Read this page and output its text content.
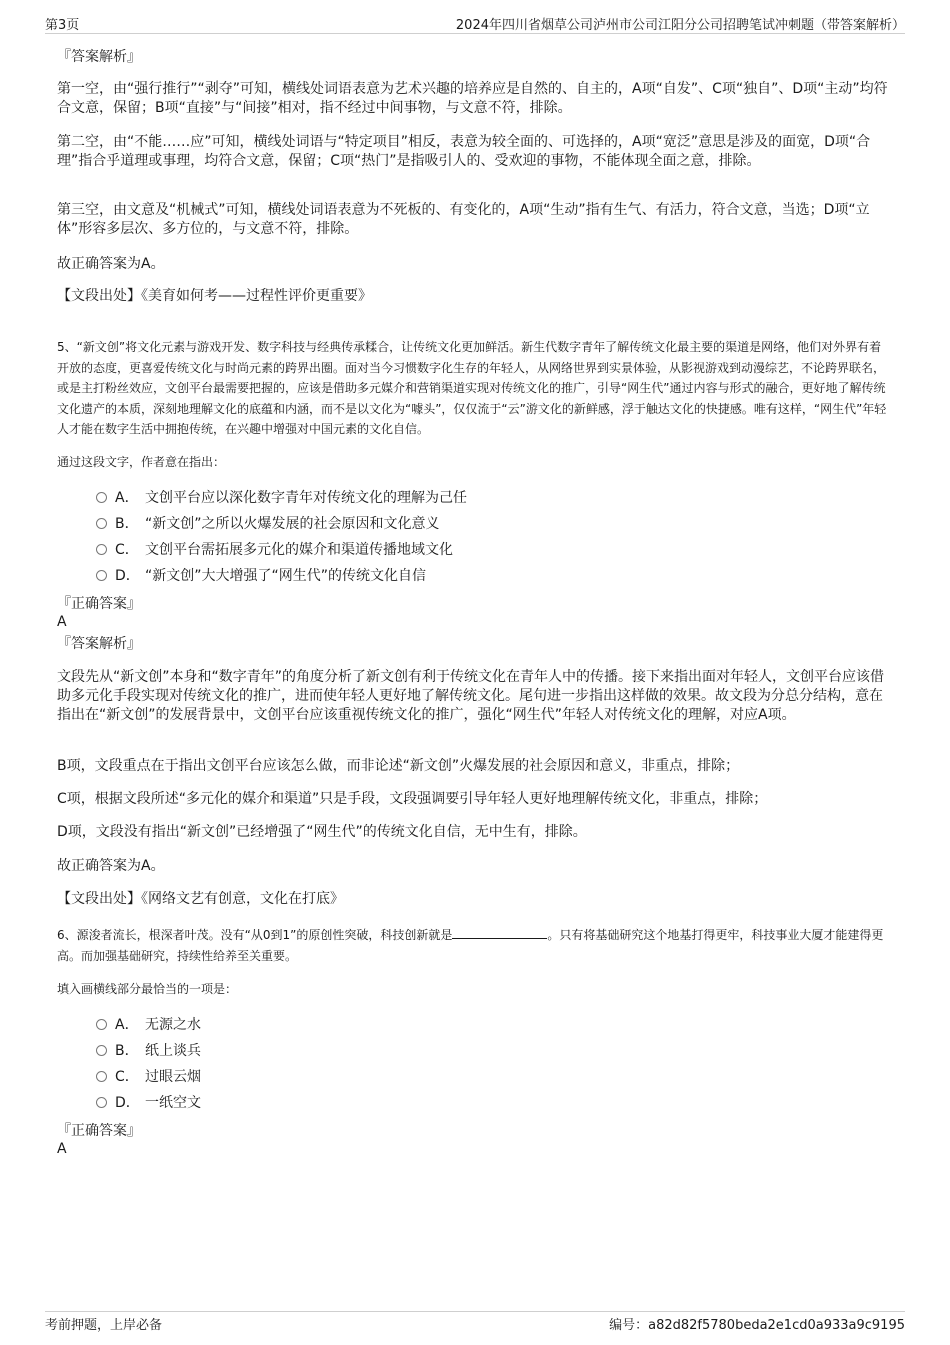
第3页	2024年四川省烟草公司泸州市公司江阳分公司招聘笔试冲刺题（带答案解析）
『答案解析』

第一空，由“强行推行”“剥夺”可知，横线处词语表意为艺术兴趣的培养应是自然的、自主的，A项“自发”、C项“独自”、D项“主动”均符合文意，保留；B项“直接”与“间接”相对，指不经过中间事物，与文意不符，排除。

第二空，由“不能……应”可知，横线处词语与“特定项目”相反，表意为较全面的、可选择的，A项“宽泛”意思是涉及的面宽，D项“合理”指合乎道理或事理，均符合文意，保留；C项“热门”是指吸引人的、受欢迎的事物，不能体现全面之意，排除。

第三空，由文意及“机械式”可知，横线处词语表意为不死板的、有变化的，A项“生动”指有生气、有活力，符合文意，当选；D项“立体”形容多层次、多方位的，与文意不符，排除。

故正确答案为A。

【文段出处】《美育如何考——过程性评价更重要》

5、“新文创”将文化元素与游戏开发、数字科技与经典传承糅合，让传统文化更加鲜活。新生代数字青年了解传统文化最主要的渠道是网络，他们对外界有着开放的态度，更喜爱传统文化与时尚元素的跨界出圈。面对当今习惯数字化生存的年轻人，从网络世界到实景体验，从影视游戏到动漫综艺，不论跨界联名，或是主打粉丝效应，文创平台最需要把握的，应该是借助多元媒介和营销渠道实现对传统文化的推广，引导“网生代”通过内容与形式的融合，更好地了解传统文化遗产的本质，深刻地理解文化的底蕴和内涵，而不是以文化为“噱头”，仅仅流于“云”游文化的新鲜感，浮于触达文化的快捷感。唯有这样，“网生代”年轻人才能在数字生活中拥抱传统，在兴趣中增强对中国元素的文化自信。

通过这段文字，作者意在指出：

A． 文创平台应以深化数字青年对传统文化的理解为己任
B． “新文创”之所以火爆发展的社会原因和文化意义
C． 文创平台需拓展多元化的媒介和渠道传播地域文化
D． “新文创”大大增强了“网生代”的传统文化自信
『正确答案』
A
『答案解析』

文段先从“新文创”本身和“数字青年”的角度分析了新文创有利于传统文化在青年人中的传播。接下来指出面对年轻人，文创平台应该借助多元化手段实现对传统文化的推广，进而使年轻人更好地了解传统文化。尾句进一步指出这样做的效果。故文段为分总分结构，意在指出在“新文创”的发展背景中，文创平台应该重视传统文化的推广，强化“网生代”年轻人对传统文化的理解，对应A项。

B项，文段重点在于指出文创平台应该怎么做，而非论述“新文创”火爆发展的社会原因和意义，非重点，排除；

C项，根据文段所述“多元化的媒介和渠道”只是手段，文段强调要引导年轻人更好地理解传统文化，非重点，排除；

D项，文段没有指出“新文创”已经增强了“网生代”的传统文化自信，无中生有，排除。

故正确答案为A。

【文段出处】《网络文艺有创意，文化在打底》

6、源浚者流长，根深者叶茂。没有“从0到1”的原创性突破，科技创新就是	。只有将基础研究这个地基打得更牢，科技事业大厦才能建得更高。而加强基础研究，持续性给养至关重要。

填入画横线部分最恰当的一项是：

A． 无源之水
B． 纸上谈兵
C． 过眼云烟
D． 一纸空文
『正确答案』
A
考前押题，上岸必备	编号：a82d82f5780beda2e1cd0a933a9c9195
